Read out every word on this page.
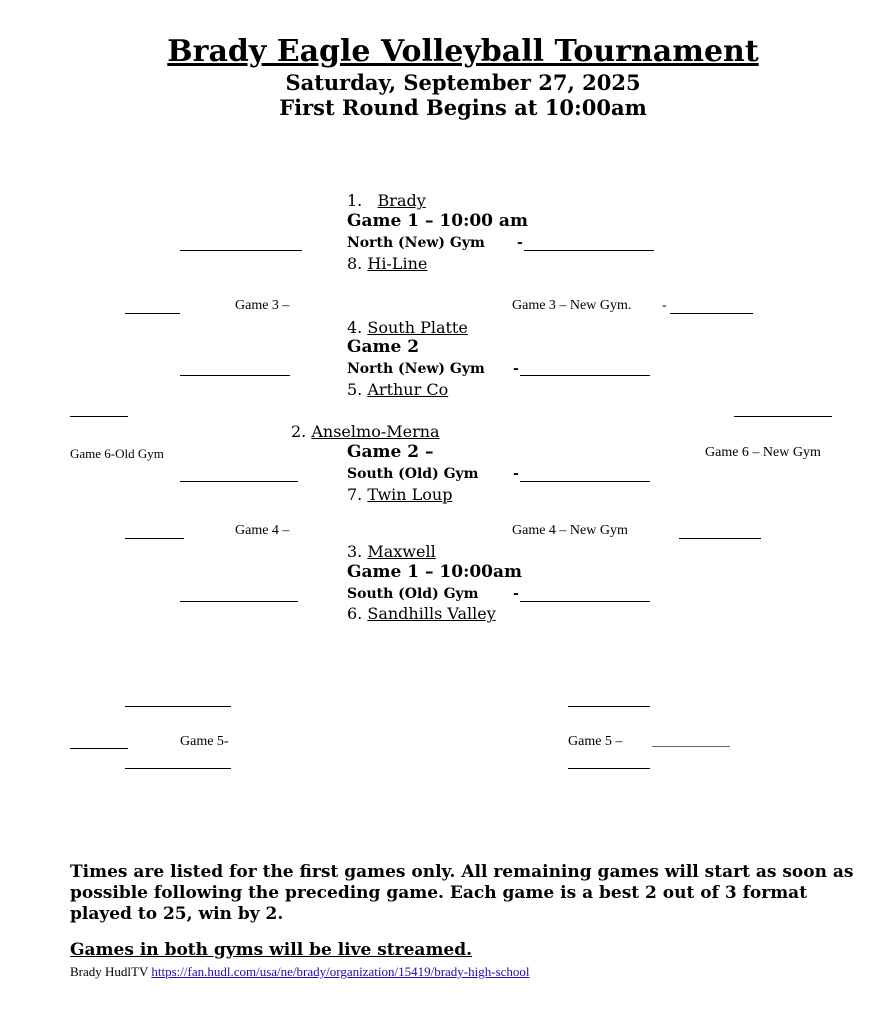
Brady Eagle Volleyball Tournament
Saturday, September 27, 2025
First Round Begins at 10:00am
1. Brady
Game 1 – 10:00 am
North (New) Gym -
8. Hi-Line
Game 3 –	Game 3 – New Gym. -
4. South Platte
Game 2
North (New) Gym -
5. Arthur Co
Game 6-Old Gym	Game 6 – New Gym
2. Anselmo-Merna
Game 2 –
South (Old) Gym -
7. Twin Loup
Game 4 –	Game 4 – New Gym
3. Maxwell
Game 1 – 10:00am
South (Old) Gym -
6. Sandhills Valley
Game 5-	Game 5 –
Times are listed for the first games only. All remaining games will start as soon as possible following the preceding game. Each game is a best 2 out of 3 format played to 25, win by 2.
Games in both gyms will be live streamed.
Brady HudlTV https://fan.hudl.com/usa/ne/brady/organization/15419/brady-high-school
